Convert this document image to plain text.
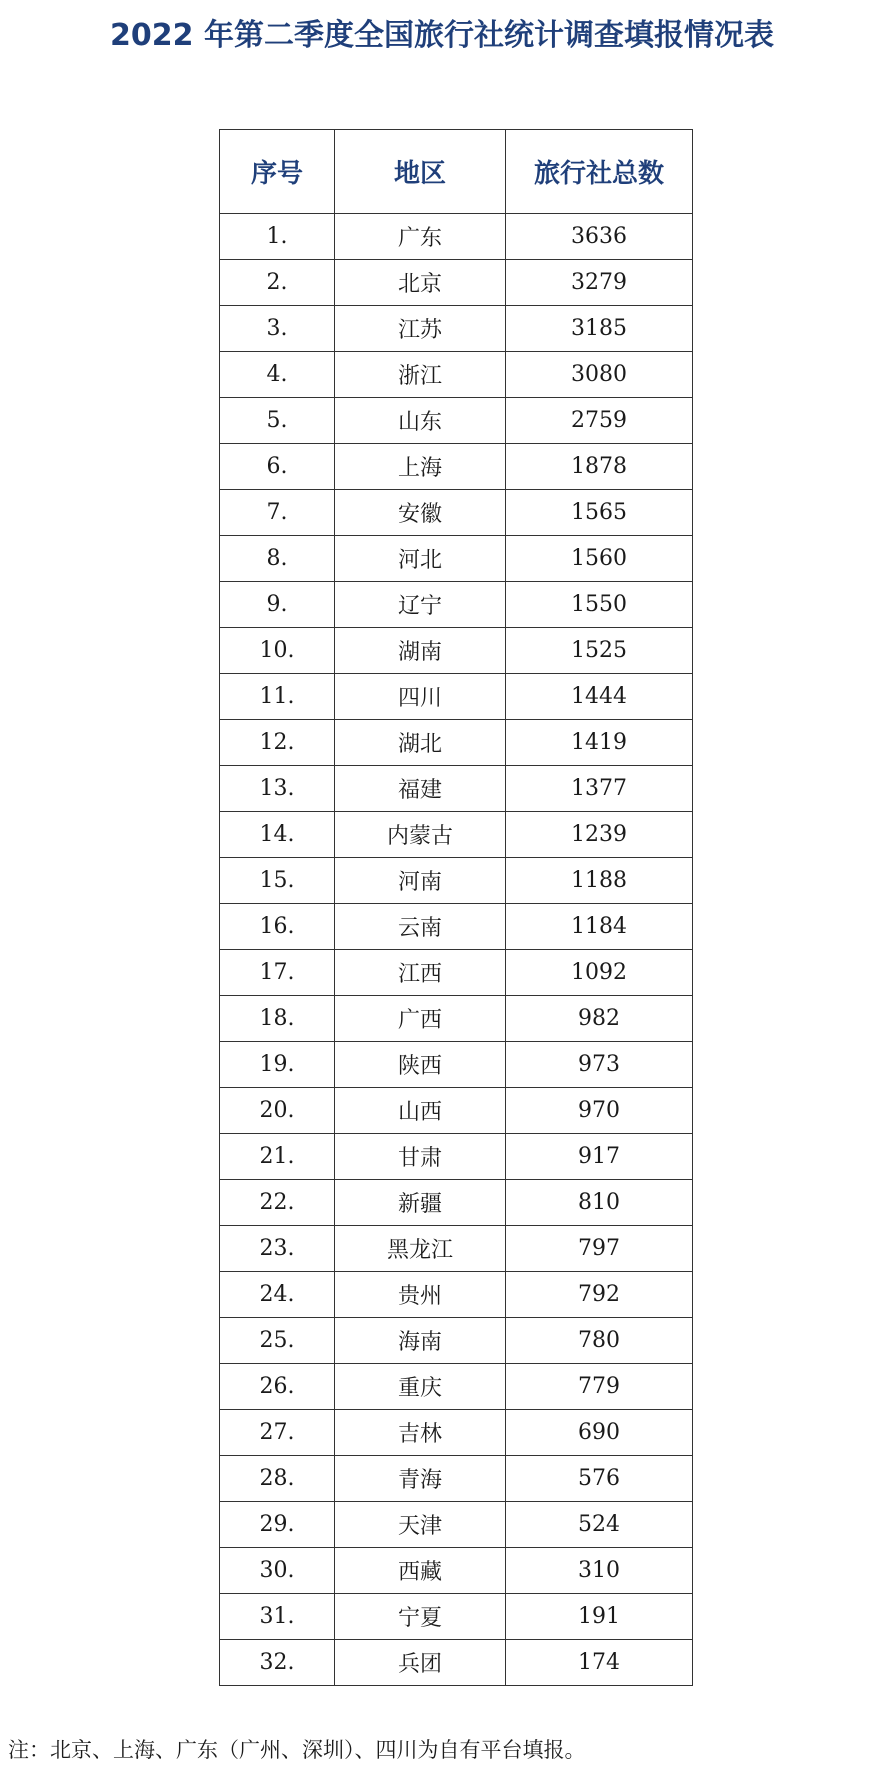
2022 年第二季度全国旅行社统计调查填报情况表
序号	地区	旅行社总数
1.	广东	3636
2.	北京	3279
3.	江苏	3185
4.	浙江	3080
5.	山东	2759
6.	上海	1878
7.	安徽	1565
8.	河北	1560
9.	辽宁	1550
10.	湖南	1525
11.	四川	1444
12.	湖北	1419
13.	福建	1377
14.	内蒙古	1239
15.	河南	1188
16.	云南	1184
17.	江西	1092
18.	广西	982
19.	陕西	973
20.	山西	970
21.	甘肃	917
22.	新疆	810
23.	黑龙江	797
24.	贵州	792
25.	海南	780
26.	重庆	779
27.	吉林	690
28.	青海	576
29.	天津	524
30.	西藏	310
31.	宁夏	191
32.	兵团	174
注：北京、上海、广东（广州、深圳）、四川为自有平台填报。
